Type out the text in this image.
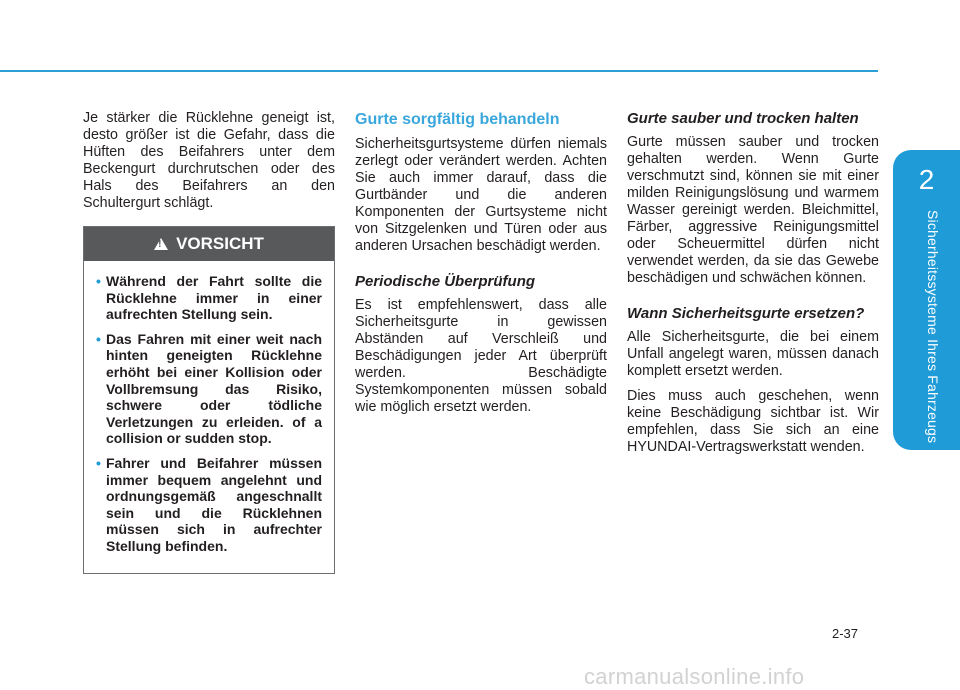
2
Sicherheitssysteme Ihres Fahrzeugs

Je stärker die Rücklehne geneigt ist, desto größer ist die Gefahr, dass die Hüften des Beifahrers unter dem Beckengurt durchrutschen oder des Hals des Beifahrers an den Schultergurt schlägt.

!
VORSICHT
• Während der Fahrt sollte die Rücklehne immer in einer aufrechten Stellung sein.
• Das Fahren mit einer weit nach hinten geneigten Rücklehne erhöht bei einer Kollision oder Vollbremsung das Risiko, schwere oder tödliche Verletzungen zu erleiden. of a collision or sudden stop.
• Fahrer und Beifahrer müssen immer bequem angelehnt und ordnungsgemäß angeschnallt sein und die Rücklehnen müssen sich in aufrechter Stellung befinden.
Gurte sorgfältig behandeln

Sicherheitsgurtsysteme dürfen niemals zerlegt oder verändert werden. Achten Sie auch immer darauf, dass die Gurtbänder und die anderen Komponenten der Gurtsysteme nicht von Sitzgelenken und Türen oder aus anderen Ursachen beschädigt werden.

Periodische Überprüfung

Es ist empfehlenswert, dass alle Sicherheitsgurte in gewissen Abständen auf Verschleiß und Beschädigungen jeder Art überprüft werden. Beschädigte Systemkomponenten müssen sobald wie möglich ersetzt werden.

Gurte sauber und trocken halten

Gurte müssen sauber und trocken gehalten werden. Wenn Gurte verschmutzt sind, können sie mit einer milden Reinigungslösung und warmem Wasser gereinigt werden. Bleichmittel, Färber, aggressive Reinigungsmittel oder Scheuermittel dürfen nicht verwendet werden, da sie das Gewebe beschädigen und schwächen können.

Wann Sicherheitsgurte ersetzen?

Alle Sicherheitsgurte, die bei einem Unfall angelegt waren, müssen danach komplett ersetzt werden.

Dies muss auch geschehen, wenn keine Beschädigung sichtbar ist. Wir empfehlen, dass Sie sich an eine HYUNDAI-Vertragswerkstatt wenden.

2-37
carmanualsonline.info
